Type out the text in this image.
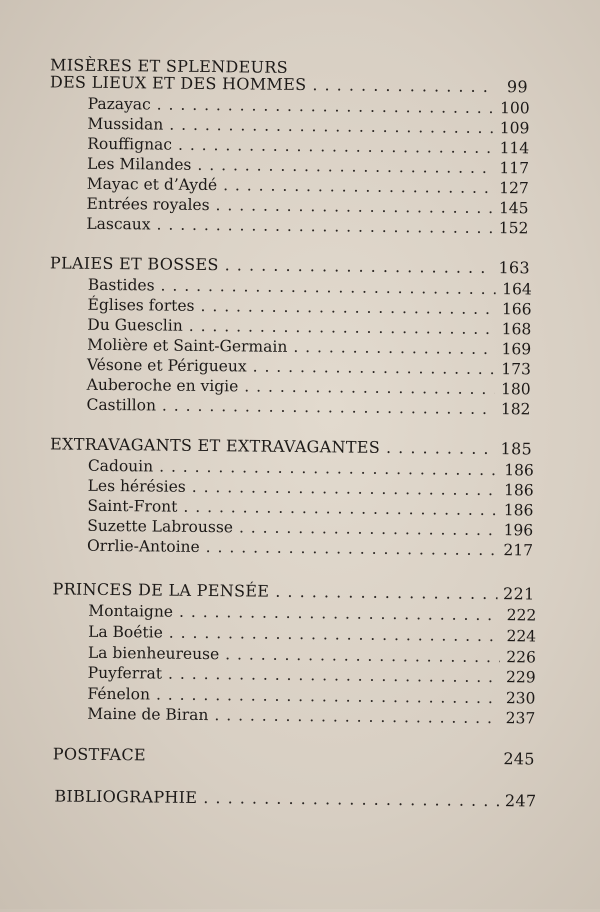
MISÈRES ET SPLENDEURS
DES LIEUX ET DES HOMMES . . .	99
Pazayac . . .	100
Mussidan . . .	109
Rouffignac . . .	114
Les Milandes . . .	117
Mayac et d’Aydé . . .	127
Entrées royales . . .	145
Lascaux . . .	152
PLAIES ET BOSSES . . .	163
Bastides . . .	164
Églises fortes . . .	166
Du Guesclin . . .	168
Molière et Saint-Germain . . .	169
Vésone et Périgueux . . .	173
Auberoche en vigie . . .	180
Castillon . . .	182
EXTRAVAGANTS ET EXTRAVAGANTES . . .	185
Cadouin . . .	186
Les hérésies . . .	186
Saint-Front . . .	186
Suzette Labrousse . . .	196
Orrlie-Antoine . . .	217
PRINCES DE LA PENSÉE . . .	221
Montaigne . . .	222
La Boétie . . .	224
La bienheureuse . . .	226
Puyferrat . . .	229
Fénelon . . .	230
Maine de Biran . . .	237
POSTFACE	245
BIBLIOGRAPHIE . . .	247
